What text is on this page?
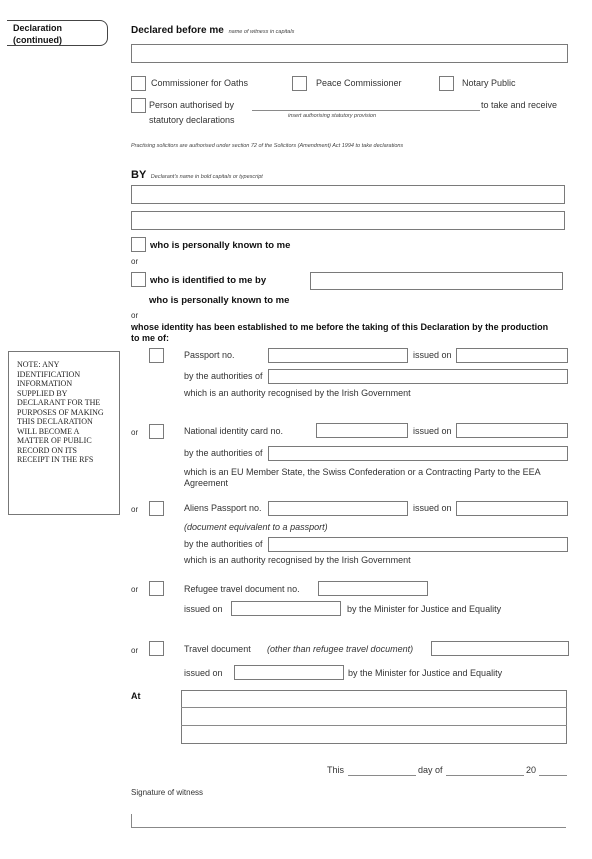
Declaration
(continued)
Declared before me name of witness in capitals
Commissioner for Oaths	Peace Commissioner	Notary Public
Person authorised by
statutory declarations	insert authorising statutory provision
to take and receive
Practising solicitors are authorised under section 72 of the Solicitors (Amendment) Act 1994 to take declarations
BY Declarant's name in bold capitals or typescript
who is personally known to me
or
who is identified to me by
who is personally known to me
or
whose identity has been established to me before the taking of this Declaration by the production
to me of:
NOTE: ANY IDENTIFICATION INFORMATION SUPPLIED BY DECLARANT FOR THE PURPOSES OF MAKING THIS DECLARATION WILL BECOME A MATTER OF PUBLIC RECORD ON ITS RECEIPT IN THE RFS
Passport no.	issued on
by the authorities of
which is an authority recognised by the Irish Government
or	National identity card no.	issued on
by the authorities of
which is an EU Member State, the Swiss Confederation or a Contracting Party to the EEA
Agreement
or	Aliens Passport no.	issued on
(document equivalent to a passport)
by the authorities of
which is an authority recognised by the Irish Government
or	Refugee travel document no.
issued on	by the Minister for Justice and Equality
or	Travel document (other than refugee travel document)
issued on	by the Minister for Justice and Equality
At
This	day of	20
Signature of witness
